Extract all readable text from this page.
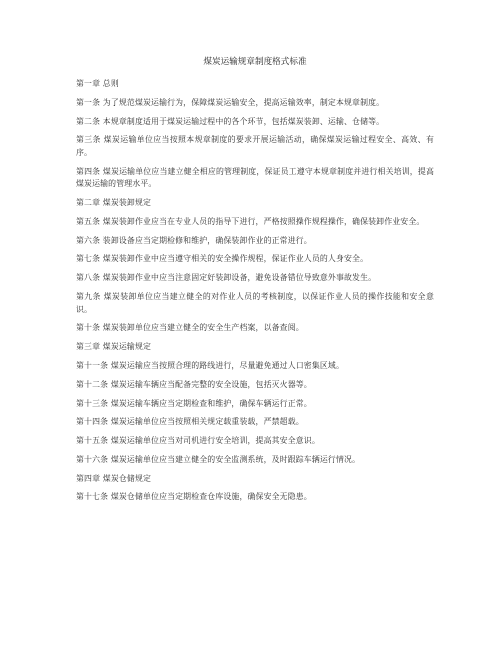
煤炭运输规章制度格式标准

第一章 总则

第一条 为了规范煤炭运输行为，保障煤炭运输安全，提高运输效率，制定本规章制度。

第二条 本规章制度适用于煤炭运输过程中的各个环节，包括煤炭装卸、运输、仓储等。

第三条 煤炭运输单位应当按照本规章制度的要求开展运输活动，确保煤炭运输过程安全、高效、有序。

第四条 煤炭运输单位应当建立健全相应的管理制度，保证员工遵守本规章制度并进行相关培训，提高煤炭运输的管理水平。

第二章 煤炭装卸规定

第五条 煤炭装卸作业应当在专业人员的指导下进行，严格按照操作规程操作，确保装卸作业安全。

第六条 装卸设备应当定期检修和维护，确保装卸作业的正常进行。

第七条 煤炭装卸作业中应当遵守相关的安全操作规程，保证作业人员的人身安全。

第八条 煤炭装卸作业中应当注意固定好装卸设备，避免设备错位导致意外事故发生。

第九条 煤炭装卸单位应当建立健全的对作业人员的考核制度，以保证作业人员的操作技能和安全意识。

第十条 煤炭装卸单位应当建立健全的安全生产档案，以备查阅。

第三章 煤炭运输规定

第十一条 煤炭运输应当按照合理的路线进行，尽量避免通过人口密集区域。

第十二条 煤炭运输车辆应当配备完整的安全设施，包括灭火器等。

第十三条 煤炭运输车辆应当定期检查和维护，确保车辆运行正常。

第十四条 煤炭运输单位应当按照相关规定载重装载，严禁超载。

第十五条 煤炭运输单位应当对司机进行安全培训，提高其安全意识。

第十六条 煤炭运输单位应当建立健全的安全监测系统，及时跟踪车辆运行情况。

第四章 煤炭仓储规定

第十七条 煤炭仓储单位应当定期检查仓库设施，确保安全无隐患。
